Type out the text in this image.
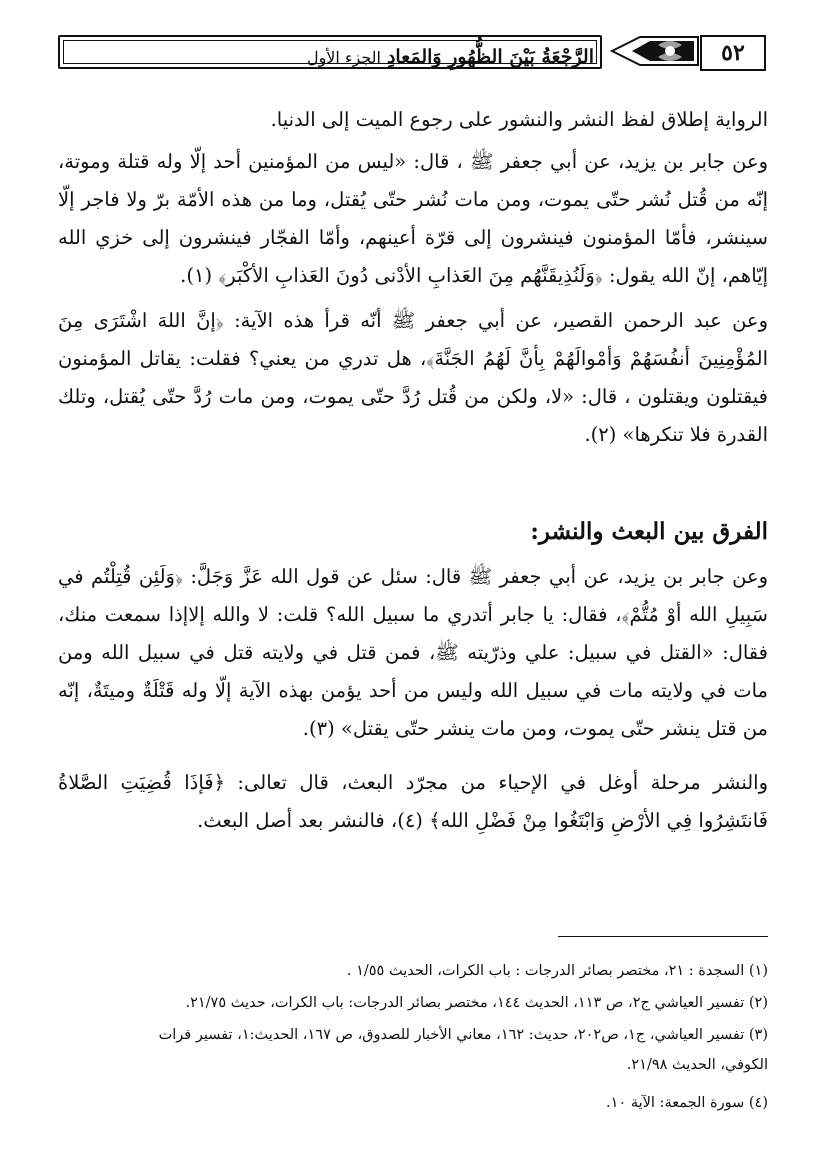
الرَّجْعَةُ بَيْنَ الظُّهُورِ وَالمَعادِالجزء الأول	٥٢

الرواية إطلاق لفظ النشر والنشور على رجوع الميت إلى الدنيا.

وعن جابر بن يزيد، عن أبي جعفر ﷺ ، قال: «ليس من المؤمنين أحد إلّا وله قتلة وموتة، إنّه من قُتل نُشر حتّى يموت، ومن مات نُشر حتّى يُقتل، وما من هذه الأمّة برّ ولا فاجر إلّا سينشر، فأمّا المؤمنون فينشرون إلى قرّة أعينهم، وأمّا الفجّار فينشرون إلى خزي الله إيّاهم، إنّ الله يقول: ﴿وَلَنُذِيقَنَّهُم مِنَ العَذابِ الأدْنى دُونَ العَذابِ الأكْبَر﴾ (١).

وعن عبد الرحمن القصير، عن أبي جعفر ﷺ أنّه قرأ هذه الآية: ﴿إنَّ اللهَ اشْتَرَى مِنَ المُؤْمِنِينَ أنفُسَهُمْ وَأمْوالَهُمْ بِأنَّ لَهُمُ الجَنَّةَ﴾، هل تدري من يعني؟ فقلت: يقاتل المؤمنون فيقتلون ويقتلون ، قال: «لا، ولكن من قُتل رُدَّ حتّى يموت، ومن مات رُدَّ حتّى يُقتل، وتلك القدرة فلا تنكرها» (٢).

الفرق بين البعث والنشر:

وعن جابر بن يزيد، عن أبي جعفر ﷺ قال: سئل عن قول الله عَزَّ وَجَلَّ: ﴿وَلَئِن قُتِلْتُم في سَبِيلِ الله أوْ مُتُّمْ﴾، فقال: يا جابر أتدري ما سبيل الله؟ قلت: لا والله إلاإذا سمعت منك، فقال: «القتل في سبيل: علي وذرّيته ﷺ، فمن قتل في ولايته قتل في سبيل الله ومن مات في ولايته مات في سبيل الله وليس من أحد يؤمن بهذه الآية إلّا وله قَتْلَةٌ وميتَةٌ، إنّه من قتل ينشر حتّى يموت، ومن مات ينشر حتّى يقتل» (٣).

والنشر مرحلة أوغل في الإحياء من مجرّد البعث، قال تعالى: ﴿فَإذَا قُضِيَتِ الصَّلاةُ فَانتَشِرُوا فِي الأرْضِ وَابْتَغُوا مِنْ فَضْلِ الله﴾ (٤)، فالنشر بعد أصل البعث.

(١) السجدة : ٢١، مختصر بصائر الدرجات : باب الكرات، الحديث ١/٥٥ .
(٢) تفسير العياشي ج٢، ص ١١٣، الحديث ١٤٤، مختصر بصائر الدرجات: باب الكرات، حديث ٢١/٧٥.
(٣) تفسير العياشي، ج١، ص٢٠٢، حديث: ١٦٢، معاني الأخبار للصدوق، ص ١٦٧، الحديث:١، تفسير فرات
الكوفي، الحديث ٢١/٩٨.
(٤) سورة الجمعة: الآية ١٠.
